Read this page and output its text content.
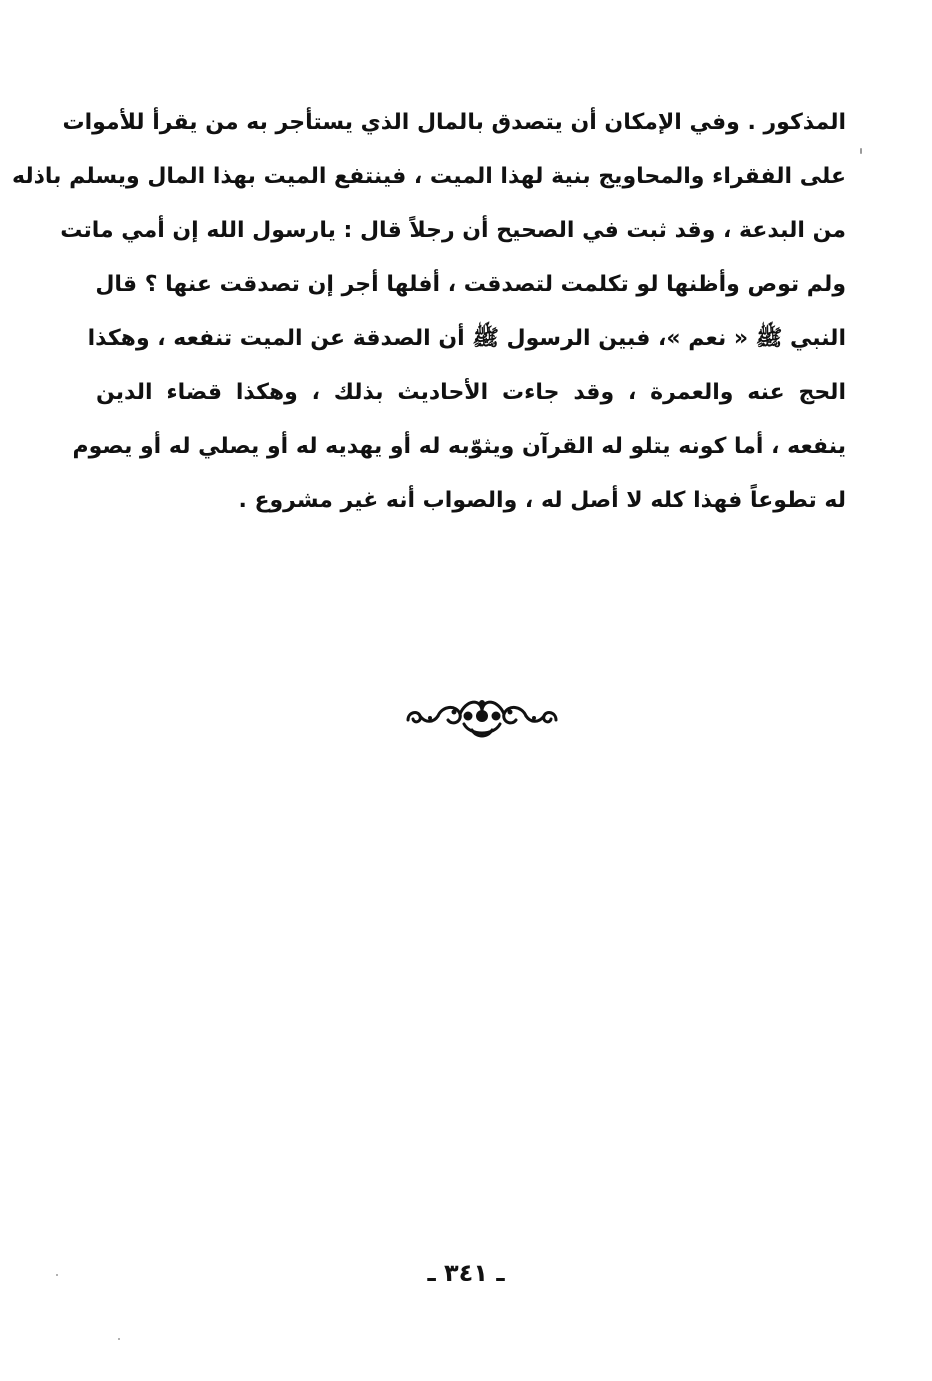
المذكور . وفي الإمكان أن يتصدق بالمال الذي يستأجر به من يقرأ للأموات
على الفقراء والمحاويج بنية لهذا الميت ، فينتفع الميت بهذا المال ويسلم باذله
من البدعة ، وقد ثبت في الصحيح أن رجلاً قال : يارسول الله إن أمي ماتت
ولم توص وأظنها لو تكلمت لتصدقت ، أفلها أجر إن تصدقت عنها ؟ قال
النبي ﷺ « نعم »، فبين الرسول ﷺ أن الصدقة عن الميت تنفعه ، وهكذا
الحج عنه والعمرة ، وقد جاءت الأحاديث بذلك ، وهكذا قضاء الدين
ينفعه ، أما كونه يتلو له القرآن ويثوّبه له أو يهديه له أو يصلي له أو يصوم
له تطوعاً فهذا كله لا أصل له ، والصواب أنه غير مشروع .
ـ ٣٤١ ـ
